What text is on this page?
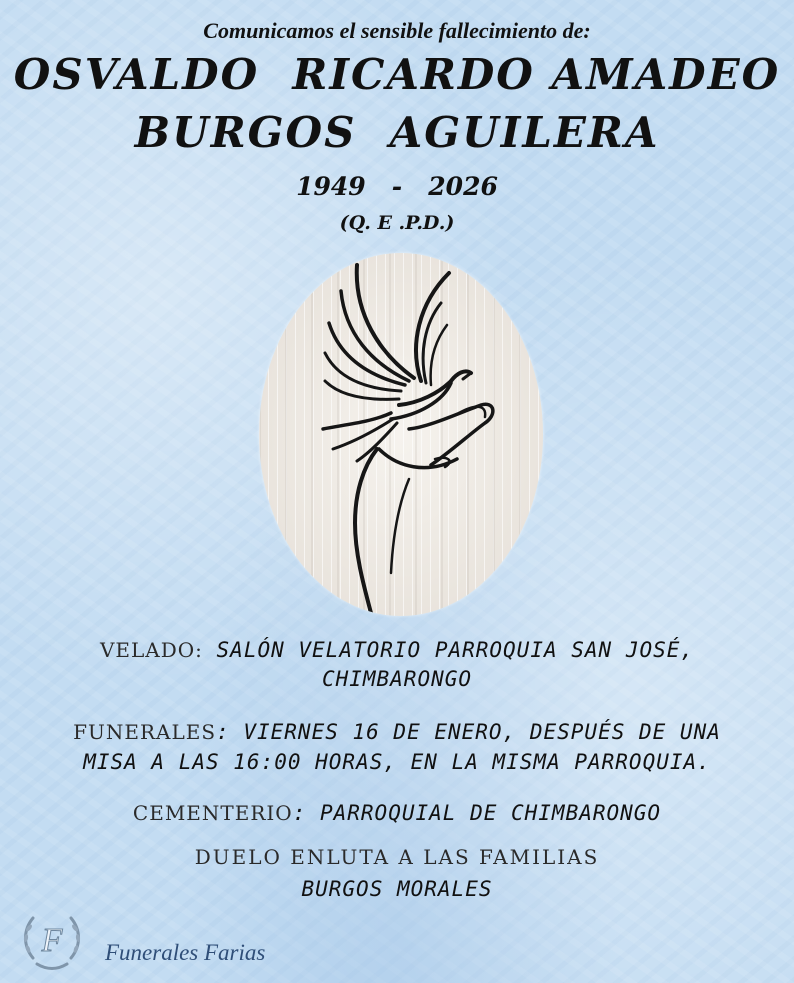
Comunicamos el sensible fallecimiento de:
OSVALDO  RICARDO AMADEO
BURGOS  AGUILERA
1949   -   2026
(Q. E .P.D.)
VELADO: SALÓN VELATORIO PARROQUIA SAN JOSÉ,
CHIMBARONGO
FUNERALES: VIERNES 16 DE ENERO, DESPUÉS DE UNA
MISA A LAS 16:00 HORAS, EN LA MISMA PARROQUIA.
CEMENTERIO: PARROQUIAL DE CHIMBARONGO
DUELO ENLUTA A LAS FAMILIAS
BURGOS MORALES
F Funerales Farias
